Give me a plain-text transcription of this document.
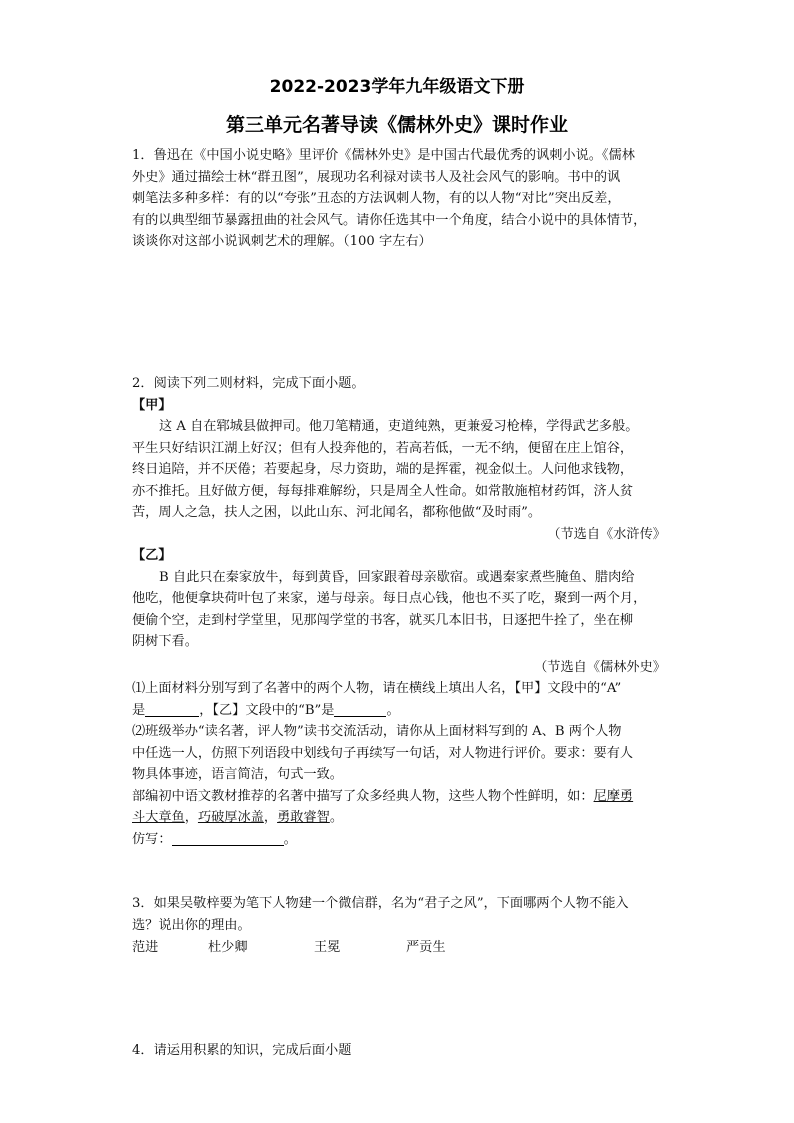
2022-2023学年九年级语文下册
第三单元名著导读《儒林外史》课时作业
1．鲁迅在《中国小说史略》里评价《儒林外史》是中国古代最优秀的讽刺小说。《儒林
外史》通过描绘士林“群丑图”，展现功名利禄对读书人及社会风气的影响。书中的讽
刺笔法多种多样：有的以“夸张”丑态的方法讽刺人物，有的以人物“对比”突出反差，
有的以典型细节暴露扭曲的社会风气。请你任选其中一个角度，结合小说中的具体情节，
谈谈你对这部小说讽刺艺术的理解。（100 字左右）
2．阅读下列二则材料，完成下面小题。
【甲】
这 A 自在郓城县做押司。他刀笔精通，吏道纯熟，更兼爱习枪棒，学得武艺多般。
平生只好结识江湖上好汉；但有人投奔他的，若高若低，一无不纳，便留在庄上馆谷，
终日追陪，并不厌倦；若要起身，尽力资助，端的是挥霍，视金似土。人问他求钱物，
亦不推托。且好做方便，每每排难解纷，只是周全人性命。如常散施棺材药饵，济人贫
苦，周人之急，扶人之困，以此山东、河北闻名，都称他做“及时雨”。
（节选自《水浒传》
【乙】
B 自此只在秦家放牛，每到黄昏，回家跟着母亲歇宿。或遇秦家煮些腌鱼、腊肉给
他吃，他便拿块荷叶包了来家，递与母亲。每日点心钱，他也不买了吃，聚到一两个月，
便偷个空，走到村学堂里，见那闯学堂的书客，就买几本旧书，日逐把牛拴了，坐在柳
阴树下看。
（节选自《儒林外史》
⑴上面材料分别写到了名著中的两个人物，请在横线上填出人名，【甲】文段中的“A”
是	，【乙】文段中的“B”是	。
⑵班级举办“读名著，评人物”读书交流活动，请你从上面材料写到的 A、B 两个人物
中任选一人，仿照下列语段中划线句子再续写一句话，对人物进行评价。要求：要有人
物具体事迹，语言简洁，句式一致。
部编初中语文教材推荐的名著中描写了众多经典人物，这些人物个性鲜明，如：尼摩勇
斗大章鱼，巧破厚冰盖，勇敢睿智。
仿写：	。
3．如果吴敬梓要为笔下人物建一个微信群，名为“君子之风”，下面哪两个人物不能入
选？说出你的理由。
范进	杜少卿	王冕	严贡生
4．请运用积累的知识，完成后面小题
